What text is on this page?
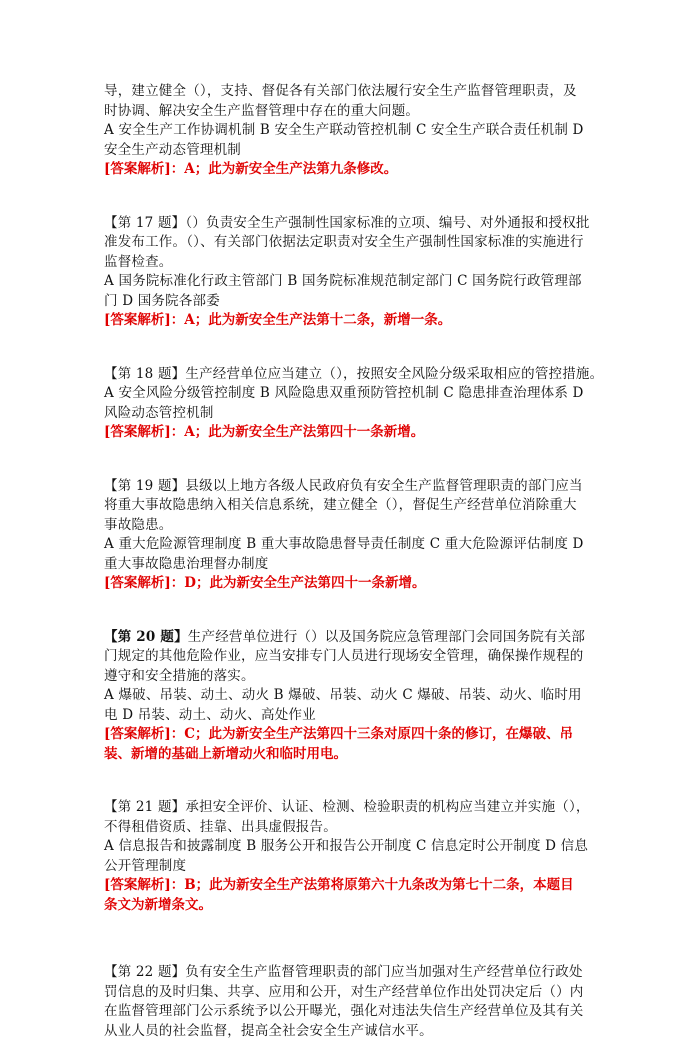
导，建立健全（），支持、督促各有关部门依法履行安全生产监督管理职责，及
时协调、解决安全生产监督管理中存在的重大问题。
A 安全生产工作协调机制 B 安全生产联动管控机制 C 安全生产联合责任机制 D
安全生产动态管理机制
[答案解析]：A；此为新安全生产法第九条修改。
【第 17 题】（）负责安全生产强制性国家标准的立项、编号、对外通报和授权批
准发布工作。（）、有关部门依据法定职责对安全生产强制性国家标准的实施进行
监督检查。
A 国务院标准化行政主管部门 B 国务院标准规范制定部门 C 国务院行政管理部
门 D 国务院各部委
[答案解析]：A；此为新安全生产法第十二条，新增一条。
【第 18 题】生产经营单位应当建立（），按照安全风险分级采取相应的管控措施。
A 安全风险分级管控制度 B 风险隐患双重预防管控机制 C 隐患排查治理体系 D
风险动态管控机制
[答案解析]：A；此为新安全生产法第四十一条新增。
【第 19 题】县级以上地方各级人民政府负有安全生产监督管理职责的部门应当
将重大事故隐患纳入相关信息系统，建立健全（），督促生产经营单位消除重大
事故隐患。
A 重大危险源管理制度 B 重大事故隐患督导责任制度 C 重大危险源评估制度 D
重大事故隐患治理督办制度
[答案解析]：D；此为新安全生产法第四十一条新增。
【第 20 题】生产经营单位进行（）以及国务院应急管理部门会同国务院有关部
门规定的其他危险作业，应当安排专门人员进行现场安全管理，确保操作规程的
遵守和安全措施的落实。
A 爆破、吊装、动土、动火 B 爆破、吊装、动火 C 爆破、吊装、动火、临时用
电 D 吊装、动土、动火、高处作业
[答案解析]：C；此为新安全生产法第四十三条对原四十条的修订，在爆破、吊
装、新增的基础上新增动火和临时用电。
【第 21 题】承担安全评价、认证、检测、检验职责的机构应当建立并实施（），
不得租借资质、挂靠、出具虚假报告。
A 信息报告和披露制度 B 服务公开和报告公开制度 C 信息定时公开制度 D 信息
公开管理制度
[答案解析]：B；此为新安全生产法第将原第六十九条改为第七十二条，本题目
条文为新增条文。
【第 22 题】负有安全生产监督管理职责的部门应当加强对生产经营单位行政处
罚信息的及时归集、共享、应用和公开，对生产经营单位作出处罚决定后（）内
在监督管理部门公示系统予以公开曝光，强化对违法失信生产经营单位及其有关
从业人员的社会监督，提高全社会安全生产诚信水平。
